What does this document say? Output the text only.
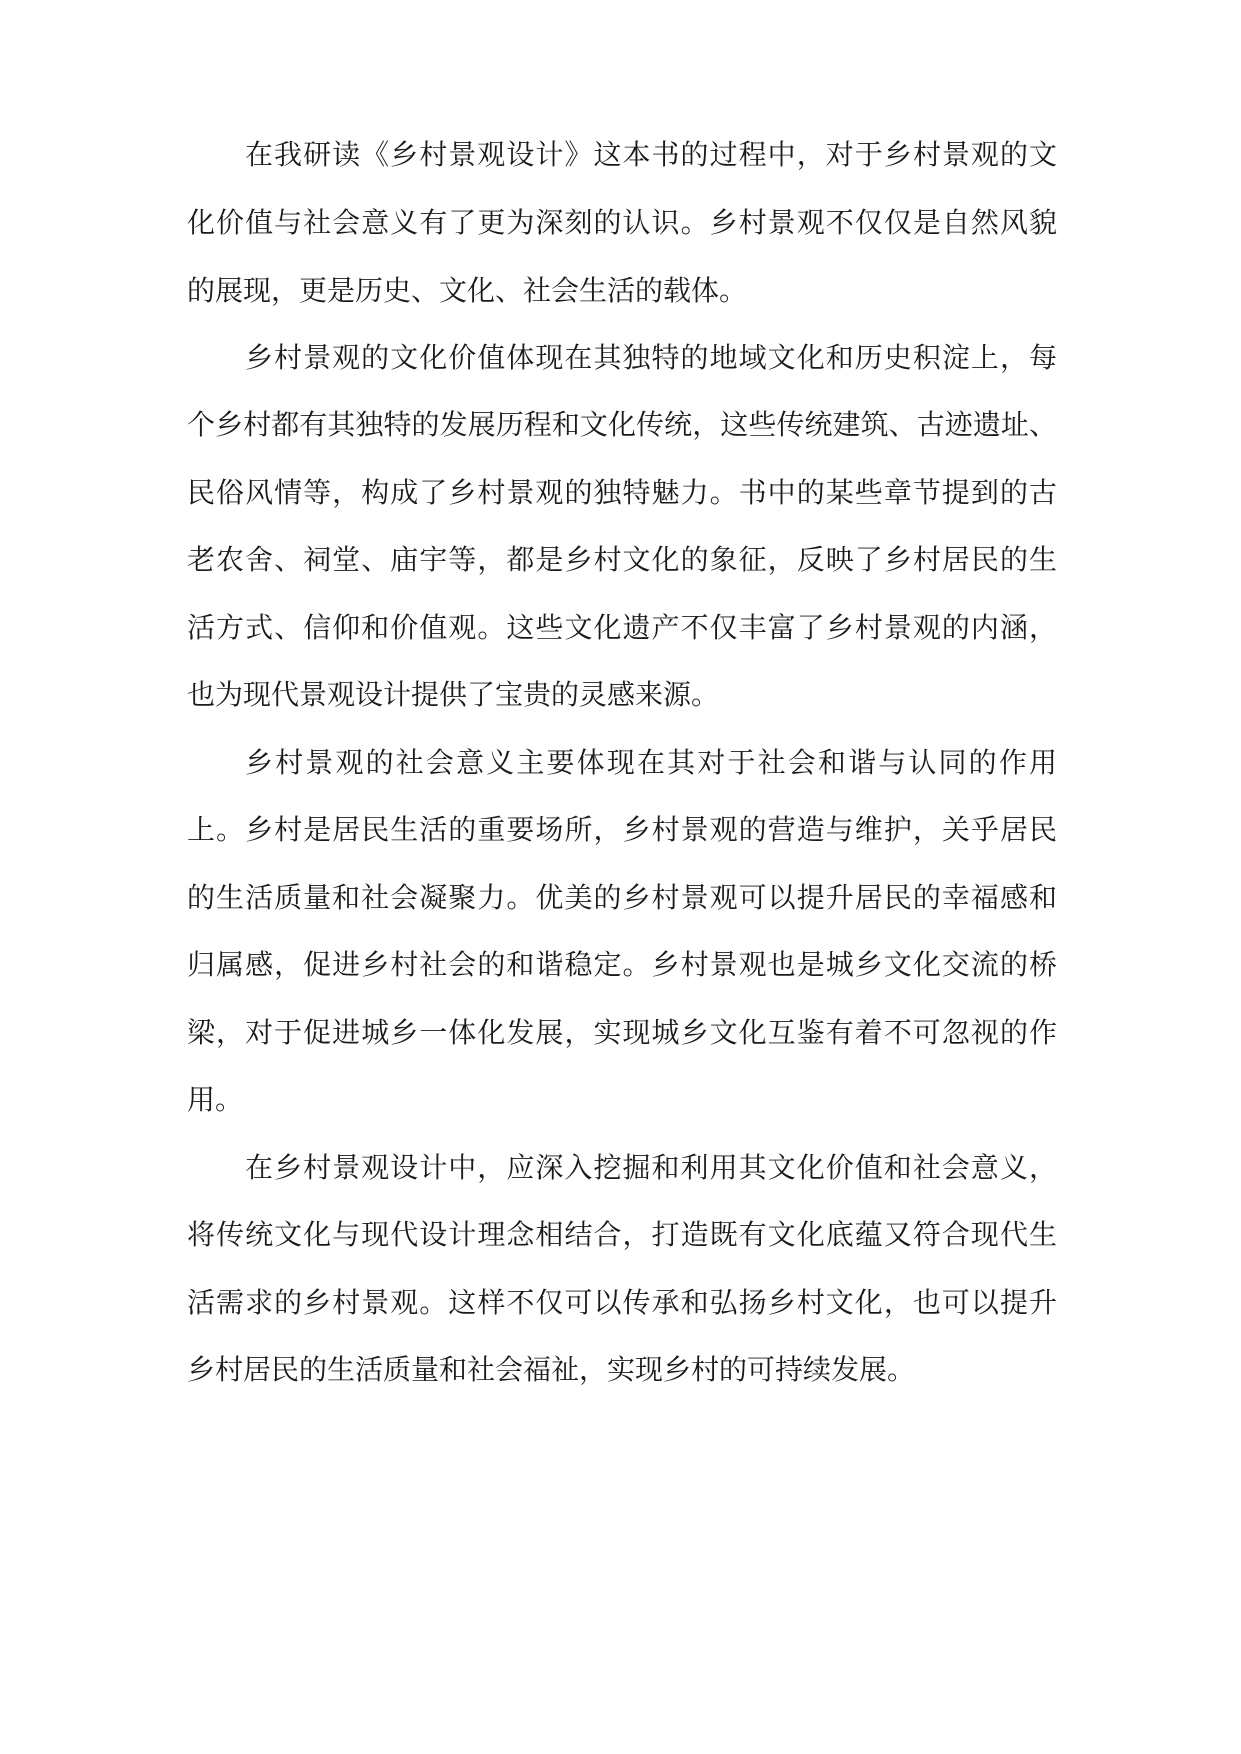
在我研读《乡村景观设计》这本书的过程中，对于乡村景观的文
化价值与社会意义有了更为深刻的认识。乡村景观不仅仅是自然风貌
的展现，更是历史、文化、社会生活的载体。
乡村景观的文化价值体现在其独特的地域文化和历史积淀上，每
个乡村都有其独特的发展历程和文化传统，这些传统建筑、古迹遗址、
民俗风情等，构成了乡村景观的独特魅力。书中的某些章节提到的古
老农舍、祠堂、庙宇等，都是乡村文化的象征，反映了乡村居民的生
活方式、信仰和价值观。这些文化遗产不仅丰富了乡村景观的内涵，
也为现代景观设计提供了宝贵的灵感来源。
乡村景观的社会意义主要体现在其对于社会和谐与认同的作用
上。乡村是居民生活的重要场所，乡村景观的营造与维护，关乎居民
的生活质量和社会凝聚力。优美的乡村景观可以提升居民的幸福感和
归属感，促进乡村社会的和谐稳定。乡村景观也是城乡文化交流的桥
梁，对于促进城乡一体化发展，实现城乡文化互鉴有着不可忽视的作
用。
在乡村景观设计中，应深入挖掘和利用其文化价值和社会意义，
将传统文化与现代设计理念相结合，打造既有文化底蕴又符合现代生
活需求的乡村景观。这样不仅可以传承和弘扬乡村文化，也可以提升
乡村居民的生活质量和社会福祉，实现乡村的可持续发展。
